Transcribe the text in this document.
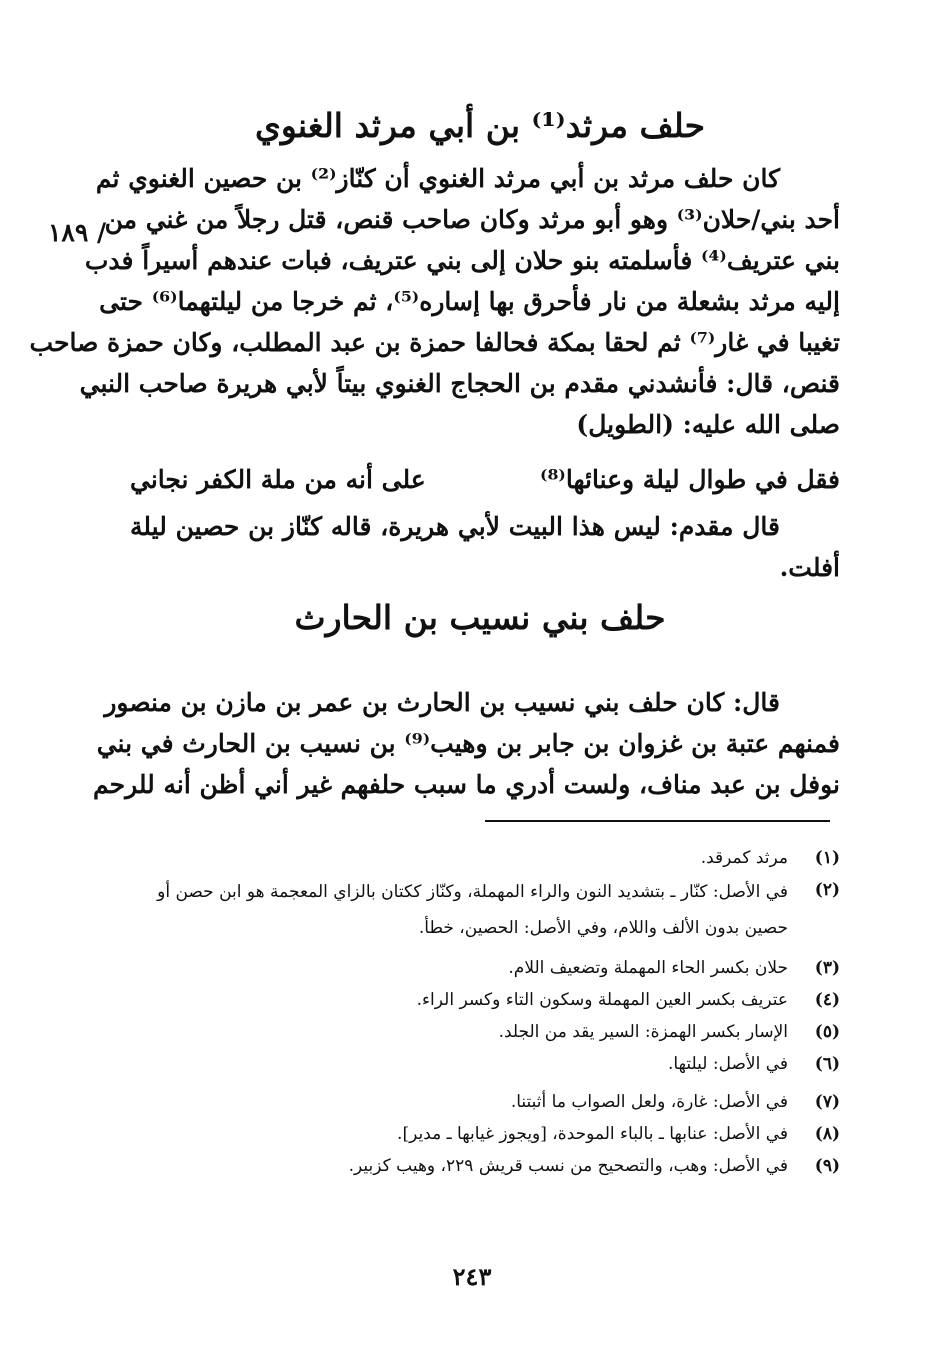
حلف مرثد⁽¹⁾ بن أبي مرثد الغنوي
/ ١٨٩
كان حلف مرثد بن أبي مرثد الغنوي أن كنّاز⁽²⁾ بن حصين الغنوي ثم
أحد بني/حلان⁽³⁾ وهو أبو مرثد وكان صاحب قنص، قتل رجلاً من غني من
بني عتريف⁽⁴⁾ فأسلمته بنو حلان إلى بني عتريف، فبات عندهم أسيراً فدب
إليه مرثد بشعلة من نار فأحرق بها إساره⁽⁵⁾، ثم خرجا من ليلتهما⁽⁶⁾ حتى
تغيبا في غار⁽⁷⁾ ثم لحقا بمكة فحالفا حمزة بن عبد المطلب، وكان حمزة صاحب
قنص، قال: فأنشدني مقدم بن الحجاج الغنوي بيتاً لأبي هريرة صاحب النبي
صلى الله عليه: (الطويل)
فقل في طوال ليلة وعنائها⁽⁸⁾
على أنه من ملة الكفر نجاني
قال مقدم: ليس هذا البيت لأبي هريرة، قاله كنّاز بن حصين ليلة
أفلت.
حلف بني نسيب بن الحارث
قال: كان حلف بني نسيب بن الحارث بن عمر بن مازن بن منصور
فمنهم عتبة بن غزوان بن جابر بن وهيب⁽⁹⁾ بن نسيب بن الحارث في بني
نوفل بن عبد مناف، ولست أدري ما سبب حلفهم غير أني أظن أنه للرحم
(١)
مرثد كمرقد.
(٢)
في الأصل: كنّار ـ بتشديد النون والراء المهملة، وكنّاز ككتان بالزاي المعجمة هو ابن حصن أو حصين بدون الألف واللام، وفي الأصل: الحصين، خطأ.
(٣)
حلان بكسر الحاء المهملة وتضعيف اللام.
(٤)
عتريف بكسر العين المهملة وسكون التاء وكسر الراء.
(٥)
الإسار بكسر الهمزة: السير يقد من الجلد.
(٦)
في الأصل: ليلتها.
(٧)
في الأصل: غارة، ولعل الصواب ما أثبتنا.
(٨)
في الأصل: عنابها ـ بالباء الموحدة، [ويجوز غيابها ـ مدير].
(٩)
في الأصل: وهب، والتصحيح من نسب قريش ٢٢٩، وهيب كزبير.
٢٤٣
